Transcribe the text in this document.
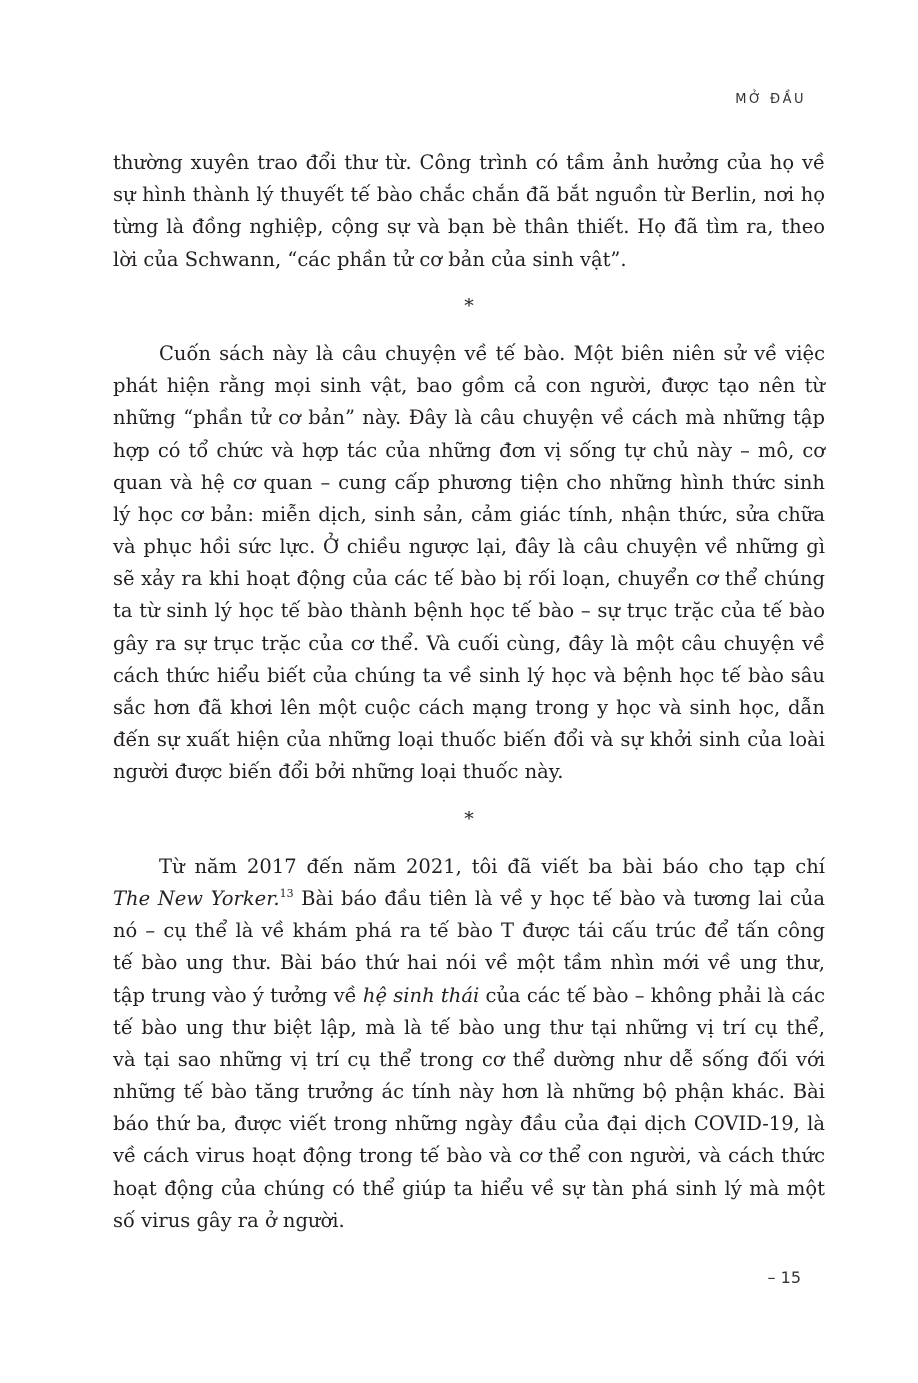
MỞ ĐẦU
thường xuyên trao đổi thư từ. Công trình có tầm ảnh hưởng của họ về
sự hình thành lý thuyết tế bào chắc chắn đã bắt nguồn từ Berlin, nơi họ
từng là đồng nghiệp, cộng sự và bạn bè thân thiết. Họ đã tìm ra, theo
lời của Schwann, “các phần tử cơ bản của sinh vật”.
*
Cuốn sách này là câu chuyện về tế bào. Một biên niên sử về việc
phát hiện rằng mọi sinh vật, bao gồm cả con người, được tạo nên từ
những “phần tử cơ bản” này. Đây là câu chuyện về cách mà những tập
hợp có tổ chức và hợp tác của những đơn vị sống tự chủ này – mô, cơ
quan và hệ cơ quan – cung cấp phương tiện cho những hình thức sinh
lý học cơ bản: miễn dịch, sinh sản, cảm giác tính, nhận thức, sửa chữa
và phục hồi sức lực. Ở chiều ngược lại, đây là câu chuyện về những gì
sẽ xảy ra khi hoạt động của các tế bào bị rối loạn, chuyển cơ thể chúng
ta từ sinh lý học tế bào thành bệnh học tế bào – sự trục trặc của tế bào
gây ra sự trục trặc của cơ thể. Và cuối cùng, đây là một câu chuyện về
cách thức hiểu biết của chúng ta về sinh lý học và bệnh học tế bào sâu
sắc hơn đã khơi lên một cuộc cách mạng trong y học và sinh học, dẫn
đến sự xuất hiện của những loại thuốc biến đổi và sự khởi sinh của loài
người được biến đổi bởi những loại thuốc này.
*
Từ năm 2017 đến năm 2021, tôi đã viết ba bài báo cho tạp chí
The New Yorker.$^{13}$ Bài báo đầu tiên là về y học tế bào và tương lai của
nó – cụ thể là về khám phá ra tế bào T được tái cấu trúc để tấn công
tế bào ung thư. Bài báo thứ hai nói về một tầm nhìn mới về ung thư,
tập trung vào ý tưởng về hệ sinh thái của các tế bào – không phải là các
tế bào ung thư biệt lập, mà là tế bào ung thư tại những vị trí cụ thể,
và tại sao những vị trí cụ thể trong cơ thể dường như dễ sống đối với
những tế bào tăng trưởng ác tính này hơn là những bộ phận khác. Bài
báo thứ ba, được viết trong những ngày đầu của đại dịch COVID-19, là
về cách virus hoạt động trong tế bào và cơ thể con người, và cách thức
hoạt động của chúng có thể giúp ta hiểu về sự tàn phá sinh lý mà một
số virus gây ra ở người.
– 15
